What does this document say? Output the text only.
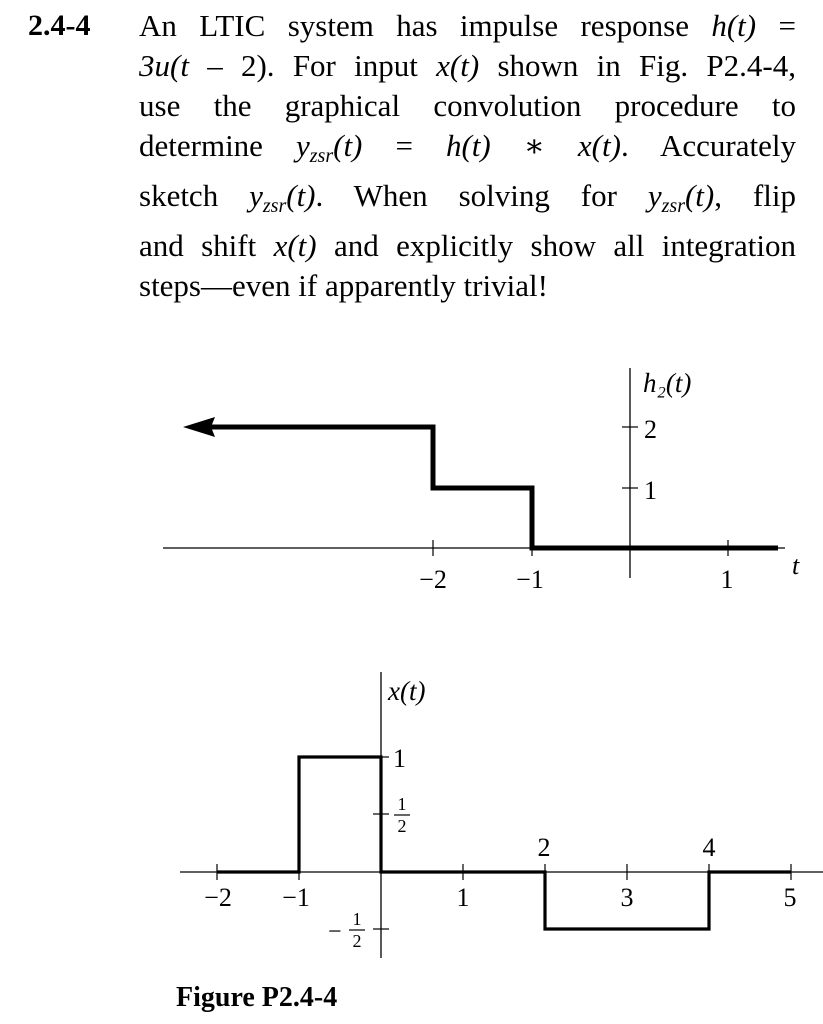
2.4-4 An LTIC system has impulse response h(t) =
3u(t – 2). For input x(t) shown in Fig. P2.4-4,
use the graphical convolution procedure to
determine $y_{zsr}(t) = h(t)$ ∗ x(t). Accurately
sketch $y_{zsr}(t)$. When solving for $y_{zsr}(t)$, flip
and shift x(t) and explicitly show all integration
steps—even if apparently trivial!
h₂(t)
2
1
−2	−1	1 t
x(t)
1
1
2
− 1
2
−2 −1	1
2
3
4
5
Figure P2.4-4
